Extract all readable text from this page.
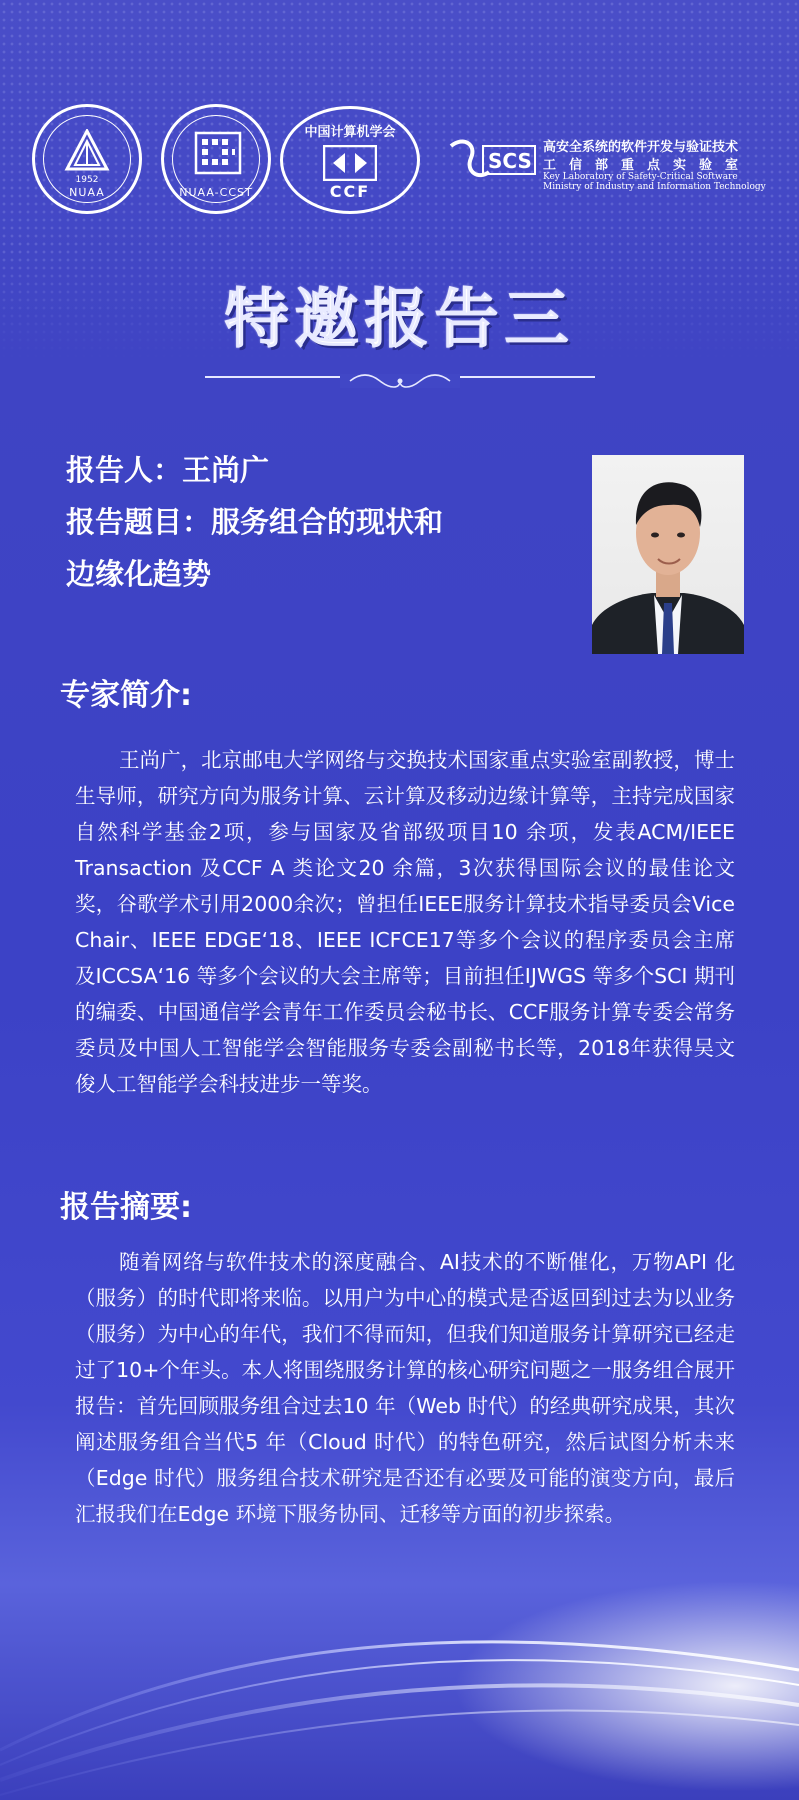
1952
NUAA	NUAA-CCST
中国计算机学会
CCF
SCS
高安全系统的软件开发与验证技术
工信部重点实验室
Key Laboratory of Safety-Critical Software
Ministry of Industry and Information Technology
特邀报告三
报告人：王尚广
报告题目：服务组合的现状和
边缘化趋势
专家简介:
王尚广，北京邮电大学网络与交换技术国家重点实验室副教授，博士生导师，研究方向为服务计算、云计算及移动边缘计算等，主持完成国家自然科学基金2项，参与国家及省部级项目10 余项，发表ACM/IEEE Transaction 及CCF A 类论文20 余篇，3次获得国际会议的最佳论文奖，谷歌学术引用2000余次；曾担任IEEE服务计算技术指导委员会Vice Chair、IEEE EDGE‘18、IEEE ICFCE17等多个会议的程序委员会主席及ICCSA‘16 等多个会议的大会主席等；目前担任IJWGS 等多个SCI 期刊的编委、中国通信学会青年工作委员会秘书长、CCF服务计算专委会常务委员及中国人工智能学会智能服务专委会副秘书长等，2018年获得吴文俊人工智能学会科技进步一等奖。
报告摘要:
随着网络与软件技术的深度融合、AI技术的不断催化，万物API 化（服务）的时代即将来临。以用户为中心的模式是否返回到过去为以业务（服务）为中心的年代，我们不得而知，但我们知道服务计算研究已经走过了10+个年头。本人将围绕服务计算的核心研究问题之一服务组合展开报告：首先回顾服务组合过去10 年（Web 时代）的经典研究成果，其次阐述服务组合当代5 年（Cloud 时代）的特色研究，然后试图分析未来（Edge 时代）服务组合技术研究是否还有必要及可能的演变方向，最后
